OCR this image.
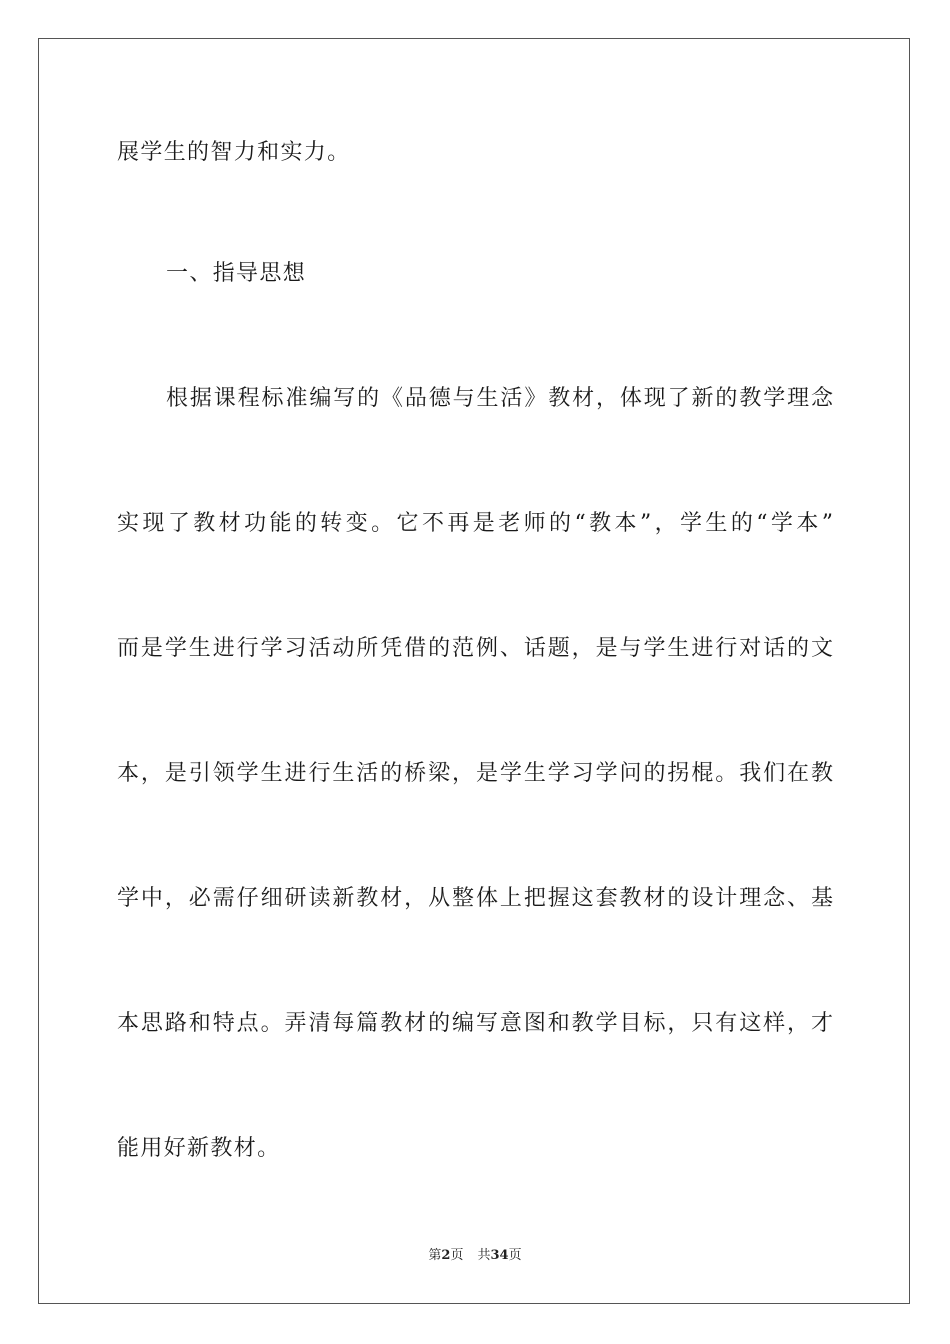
展学生的智力和实力。
一、指导思想
根据课程标准编写的《品德与生活》教材，体现了新的教学理念
实现了教材功能的转变。它不再是老师的“教本”，学生的“学本”
而是学生进行学习活动所凭借的范例、话题，是与学生进行对话的文
本，是引领学生进行生活的桥梁，是学生学习学问的拐棍。我们在教
学中，必需仔细研读新教材，从整体上把握这套教材的设计理念、基
本思路和特点。弄清每篇教材的编写意图和教学目标，只有这样，才
能用好新教材。
第2页 共34页
